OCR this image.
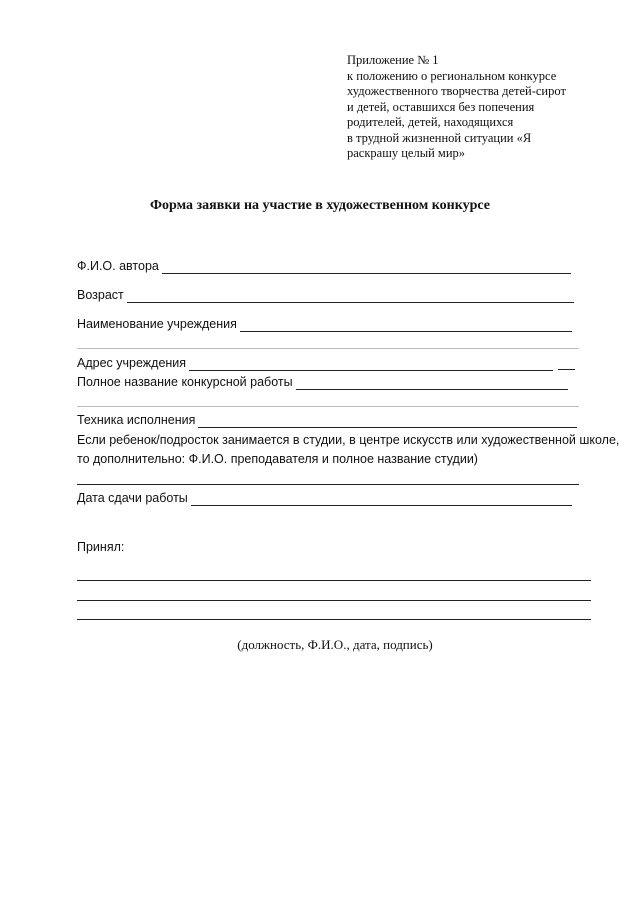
Приложение № 1
к положению о региональном конкурсе
художественного творчества детей-сирот
и детей, оставшихся без попечения
родителей, детей, находящихся
в трудной жизненной ситуации «Я
раскрашу целый мир»
Форма заявки на участие в художественном конкурсе
Ф.И.О. автора
Возраст
Наименование учреждения
Адрес учреждения
Полное название конкурсной работы
Техника исполнения
Если ребенок/подросток занимается в студии, в центре искусств или художественной школе,
то дополнительно: Ф.И.О. преподавателя и полное название студии)
Дата сдачи работы
Принял:
(должность, Ф.И.О., дата, подпись)
